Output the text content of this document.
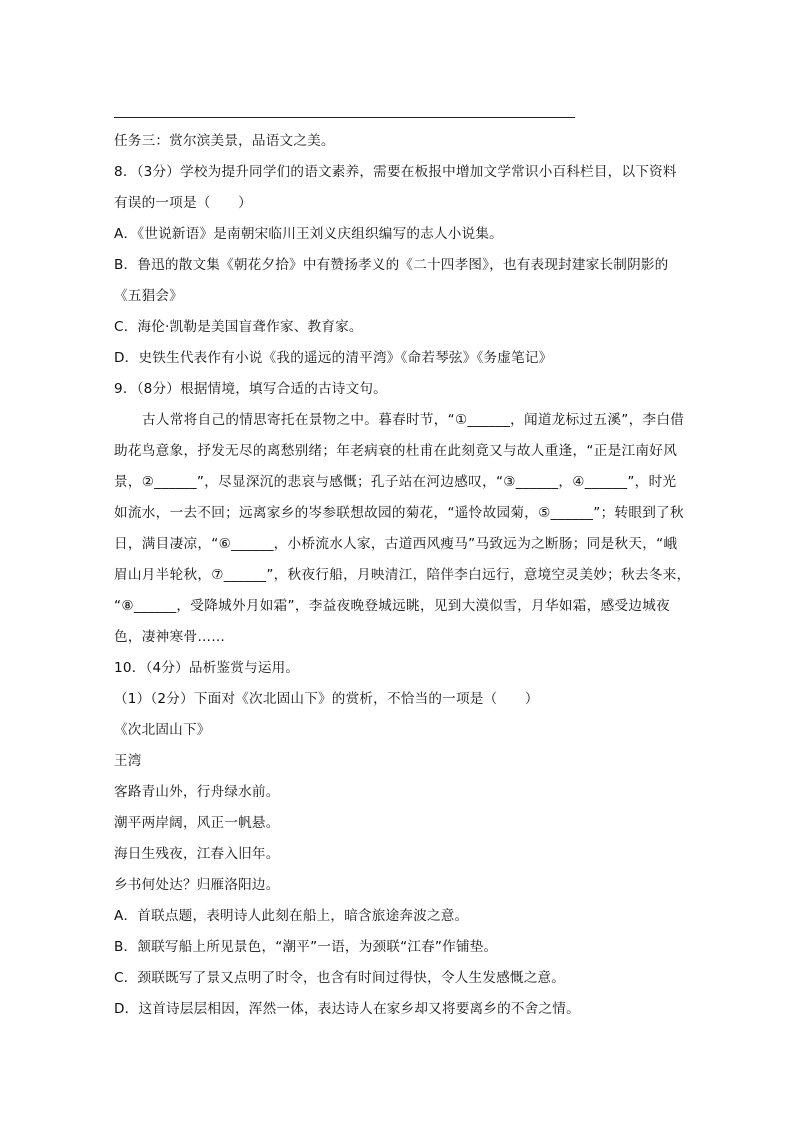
任务三：赏尔滨美景，品语文之美。
8．（3分）学校为提升同学们的语文素养，需要在板报中增加文学常识小百科栏目，以下资料
有误的一项是（　　）
A．《世说新语》是南朝宋临川王刘义庆组织编写的志人小说集。
B．鲁迅的散文集《朝花夕拾》中有赞扬孝义的《二十四孝图》，也有表现封建家长制阴影的
《五猖会》
C．海伦·凯勒是美国盲聋作家、教育家。
D．史铁生代表作有小说《我的遥远的清平湾》《命若琴弦》《务虚笔记》
9．（8分）根据情境，填写合适的古诗文句。
古人常将自己的情思寄托在景物之中。暮春时节，“①______，闻道龙标过五溪”，李白借
助花鸟意象，抒发无尽的离愁别绪；年老病衰的杜甫在此刻竟又与故人重逢，“正是江南好风
景，②______”，尽显深沉的悲哀与感慨；孔子站在河边感叹，“③______，④______”，时光
如流水，一去不回；远离家乡的岑参联想故园的菊花，“遥怜故园菊，⑤______”；转眼到了秋
日，满目凄凉，“⑥______，小桥流水人家，古道西风瘦马”马致远为之断肠；同是秋天，“峨
眉山月半轮秋，⑦______”，秋夜行船，月映清江，陪伴李白远行，意境空灵美妙；秋去冬来，
“⑧______，受降城外月如霜”，李益夜晚登城远眺，见到大漠似雪，月华如霜，感受边城夜
色，凄神寒骨……
10．（4分）品析鉴赏与运用。
（1）（2分）下面对《次北固山下》的赏析，不恰当的一项是（　　）
《次北固山下》
王湾
客路青山外，行舟绿水前。
潮平两岸阔，风正一帆悬。
海日生残夜，江春入旧年。
乡书何处达？归雁洛阳边。
A．首联点题，表明诗人此刻在船上，暗含旅途奔波之意。
B．颔联写船上所见景色，“潮平”一语，为颈联“江春”作铺垫。
C．颈联既写了景又点明了时令，也含有时间过得快，令人生发感慨之意。
D．这首诗层层相因，浑然一体，表达诗人在家乡却又将要离乡的不舍之情。
